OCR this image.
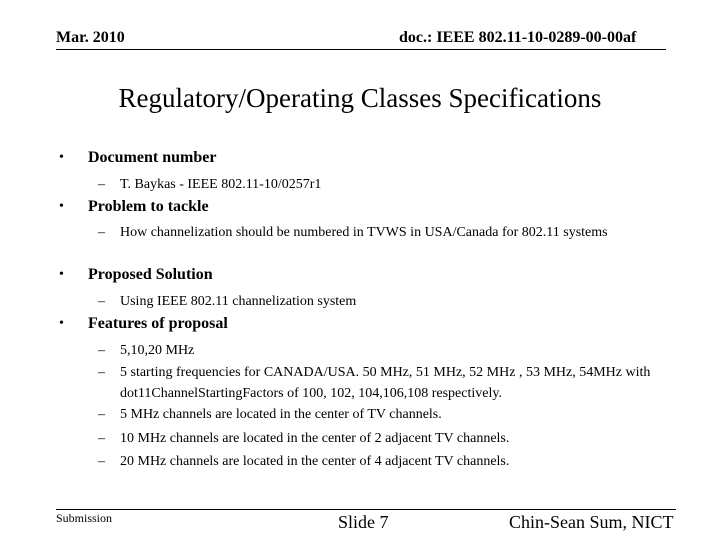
Mar. 2010	doc.: IEEE 802.11-10-0289-00-00af
Regulatory/Operating Classes Specifications
• Document number
– T. Baykas - IEEE 802.11-10/0257r1
• Problem to tackle
– How channelization should be numbered in TVWS in USA/Canada for 802.11 systems
• Proposed Solution
– Using IEEE 802.11 channelization system
• Features of proposal
– 5,10,20 MHz
– 5 starting frequencies for CANADA/USA. 50 MHz, 51 MHz, 52 MHz , 53 MHz, 54MHz with dot11ChannelStartingFactors of 100, 102, 104,106,108 respectively.
– 5 MHz channels are located in the center of TV channels.
– 10 MHz channels are located in the center of 2 adjacent TV channels.
– 20 MHz channels are located in the center of 4 adjacent TV channels.
Submission	Slide 7	Chin-Sean Sum, NICT
